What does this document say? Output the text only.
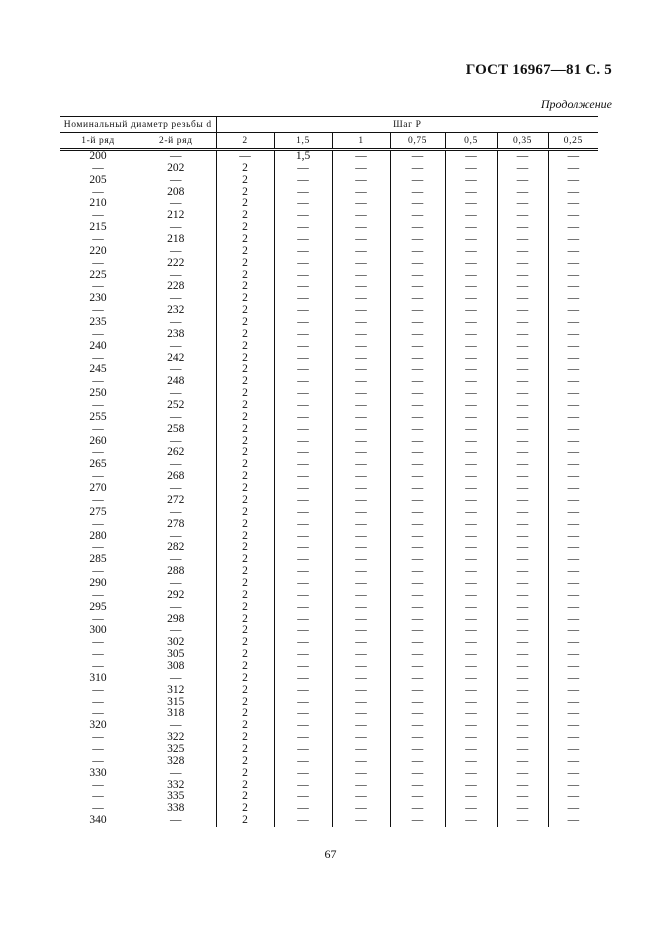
ГОСТ 16967—81 С. 5
Продолжение
Номинальный диаметр резьбы d		Шаг P						
1-й ряд	2-й ряд	2	1,5	1	0,75	0,5	0,35	0,25
200	—	—	1,5	—	—	—	—	—
—	202	2	—	—	—	—	—	—
205	—	2	—	—	—	—	—	—
—	208	2	—	—	—	—	—	—
210	—	2	—	—	—	—	—	—
—	212	2	—	—	—	—	—	—
215	—	2	—	—	—	—	—	—
—	218	2	—	—	—	—	—	—
220	—	2	—	—	—	—	—	—
—	222	2	—	—	—	—	—	—
225	—	2	—	—	—	—	—	—
—	228	2	—	—	—	—	—	—
230	—	2	—	—	—	—	—	—
—	232	2	—	—	—	—	—	—
235	—	2	—	—	—	—	—	—
—	238	2	—	—	—	—	—	—
240	—	2	—	—	—	—	—	—
—	242	2	—	—	—	—	—	—
245	—	2	—	—	—	—	—	—
—	248	2	—	—	—	—	—	—
250	—	2	—	—	—	—	—	—
—	252	2	—	—	—	—	—	—
255	—	2	—	—	—	—	—	—
—	258	2	—	—	—	—	—	—
260	—	2	—	—	—	—	—	—
—	262	2	—	—	—	—	—	—
265	—	2	—	—	—	—	—	—
—	268	2	—	—	—	—	—	—
270	—	2	—	—	—	—	—	—
—	272	2	—	—	—	—	—	—
275	—	2	—	—	—	—	—	—
—	278	2	—	—	—	—	—	—
280	—	2	—	—	—	—	—	—
—	282	2	—	—	—	—	—	—
285	—	2	—	—	—	—	—	—
—	288	2	—	—	—	—	—	—
290	—	2	—	—	—	—	—	—
—	292	2	—	—	—	—	—	—
295	—	2	—	—	—	—	—	—
—	298	2	—	—	—	—	—	—
300	—	2	—	—	—	—	—	—
—	302	2	—	—	—	—	—	—
—	305	2	—	—	—	—	—	—
—	308	2	—	—	—	—	—	—
310	—	2	—	—	—	—	—	—
—	312	2	—	—	—	—	—	—
—	315	2	—	—	—	—	—	—
—	318	2	—	—	—	—	—	—
320	—	2	—	—	—	—	—	—
—	322	2	—	—	—	—	—	—
—	325	2	—	—	—	—	—	—
—	328	2	—	—	—	—	—	—
330	—	2	—	—	—	—	—	—
—	332	2	—	—	—	—	—	—
—	335	2	—	—	—	—	—	—
—	338	2	—	—	—	—	—	—
340	—	2	—	—	—	—	—	—
67
